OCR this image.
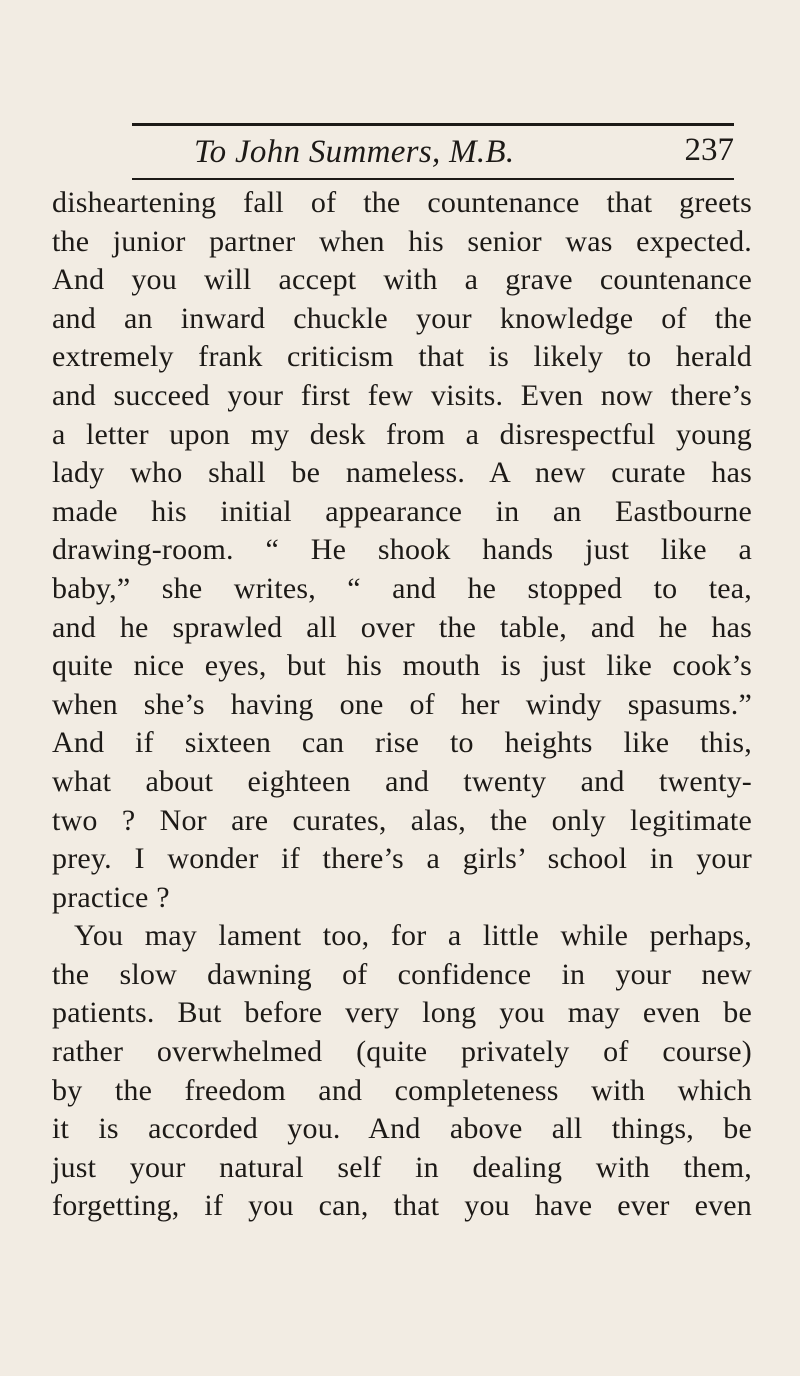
To John Summers, M.B.	237
disheartening fall of the countenance that greets
the junior partner when his senior was expected.
And you will accept with a grave countenance
and an inward chuckle your knowledge of the
extremely frank criticism that is likely to herald
and succeed your first few visits. Even now there’s
a letter upon my desk from a disrespectful young
lady who shall be nameless. A new curate has
made his initial appearance in an Eastbourne
drawing-room. “ He shook hands just like a
baby,” she writes, “ and he stopped to tea,
and he sprawled all over the table, and he has
quite nice eyes, but his mouth is just like cook’s
when she’s having one of her windy spasums.”
And if sixteen can rise to heights like this,
what about eighteen and twenty and twenty-
two ? Nor are curates, alas, the only legitimate
prey. I wonder if there’s a girls’ school in your
practice ?
You may lament too, for a little while perhaps,
the slow dawning of confidence in your new
patients. But before very long you may even be
rather overwhelmed (quite privately of course)
by the freedom and completeness with which
it is accorded you. And above all things, be
just your natural self in dealing with them,
forgetting, if you can, that you have ever even
